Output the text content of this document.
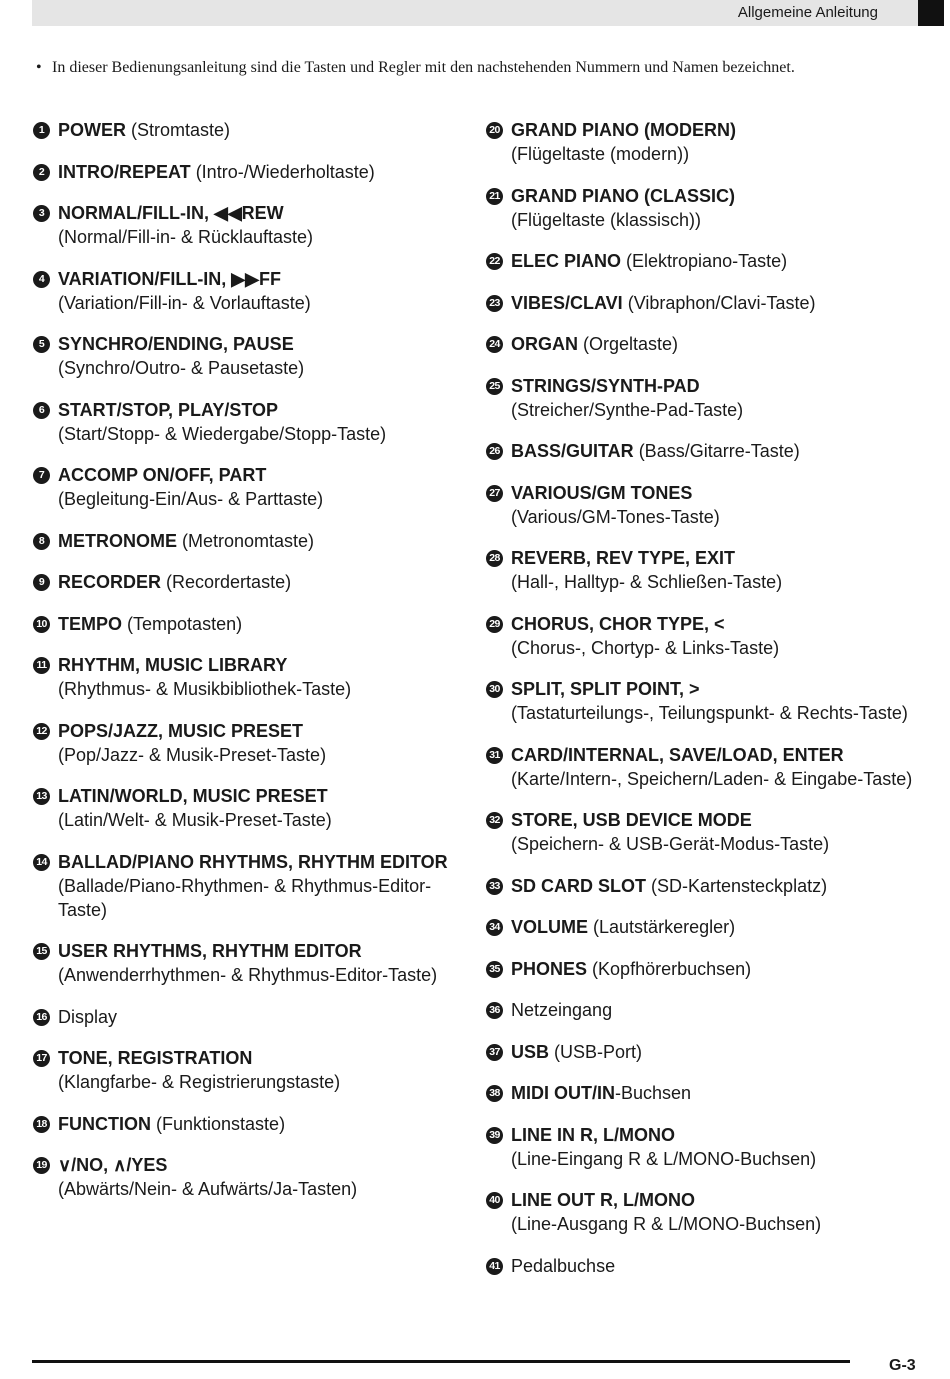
Allgemeine Anleitung
• In dieser Bedienungsanleitung sind die Tasten und Regler mit den nachstehenden Nummern und Namen bezeichnet.
1 POWER (Stromtaste)
2 INTRO/REPEAT (Intro-/Wiederholtaste)
3 NORMAL/FILL-IN, ◀◀REW
(Normal/Fill-in- & Rücklauftaste)
4 VARIATION/FILL-IN, ▶▶FF
(Variation/Fill-in- & Vorlauftaste)
5 SYNCHRO/ENDING, PAUSE
(Synchro/Outro- & Pausetaste)
6 START/STOP, PLAY/STOP
(Start/Stopp- & Wiedergabe/Stopp-Taste)
7 ACCOMP ON/OFF, PART
(Begleitung-Ein/Aus- & Parttaste)
8 METRONOME (Metronomtaste)
9 RECORDER (Recordertaste)
10 TEMPO (Tempotasten)
11 RHYTHM, MUSIC LIBRARY
(Rhythmus- & Musikbibliothek-Taste)
12 POPS/JAZZ, MUSIC PRESET
(Pop/Jazz- & Musik-Preset-Taste)
13 LATIN/WORLD, MUSIC PRESET
(Latin/Welt- & Musik-Preset-Taste)
14 BALLAD/PIANO RHYTHMS, RHYTHM EDITOR
(Ballade/Piano-Rhythmen- & Rhythmus-Editor-Taste)
15 USER RHYTHMS, RHYTHM EDITOR
(Anwenderrhythmen- & Rhythmus-Editor-Taste)
16 Display
17 TONE, REGISTRATION
(Klangfarbe- & Registrierungstaste)
18 FUNCTION (Funktionstaste)
19 ∨/NO, ∧/YES
(Abwärts/Nein- & Aufwärts/Ja-Tasten)
20 GRAND PIANO (MODERN)
(Flügeltaste (modern))
21 GRAND PIANO (CLASSIC)
(Flügeltaste (klassisch))
22 ELEC PIANO (Elektropiano-Taste)
23 VIBES/CLAVI (Vibraphon/Clavi-Taste)
24 ORGAN (Orgeltaste)
25 STRINGS/SYNTH-PAD
(Streicher/Synthe-Pad-Taste)
26 BASS/GUITAR (Bass/Gitarre-Taste)
27 VARIOUS/GM TONES
(Various/GM-Tones-Taste)
28 REVERB, REV TYPE, EXIT
(Hall-, Halltyp- & Schließen-Taste)
29 CHORUS, CHOR TYPE, <
(Chorus-, Chortyp- & Links-Taste)
30 SPLIT, SPLIT POINT, >
(Tastaturteilungs-, Teilungspunkt- & Rechts-Taste)
31 CARD/INTERNAL, SAVE/LOAD, ENTER
(Karte/Intern-, Speichern/Laden- & Eingabe-Taste)
32 STORE, USB DEVICE MODE
(Speichern- & USB-Gerät-Modus-Taste)
33 SD CARD SLOT (SD-Kartensteckplatz)
34 VOLUME (Lautstärkeregler)
35 PHONES (Kopfhörerbuchsen)
36 Netzeingang
37 USB (USB-Port)
38 MIDI OUT/IN-Buchsen
39 LINE IN R, L/MONO
(Line-Eingang R & L/MONO-Buchsen)
40 LINE OUT R, L/MONO
(Line-Ausgang R & L/MONO-Buchsen)
41 Pedalbuchse
G-3
